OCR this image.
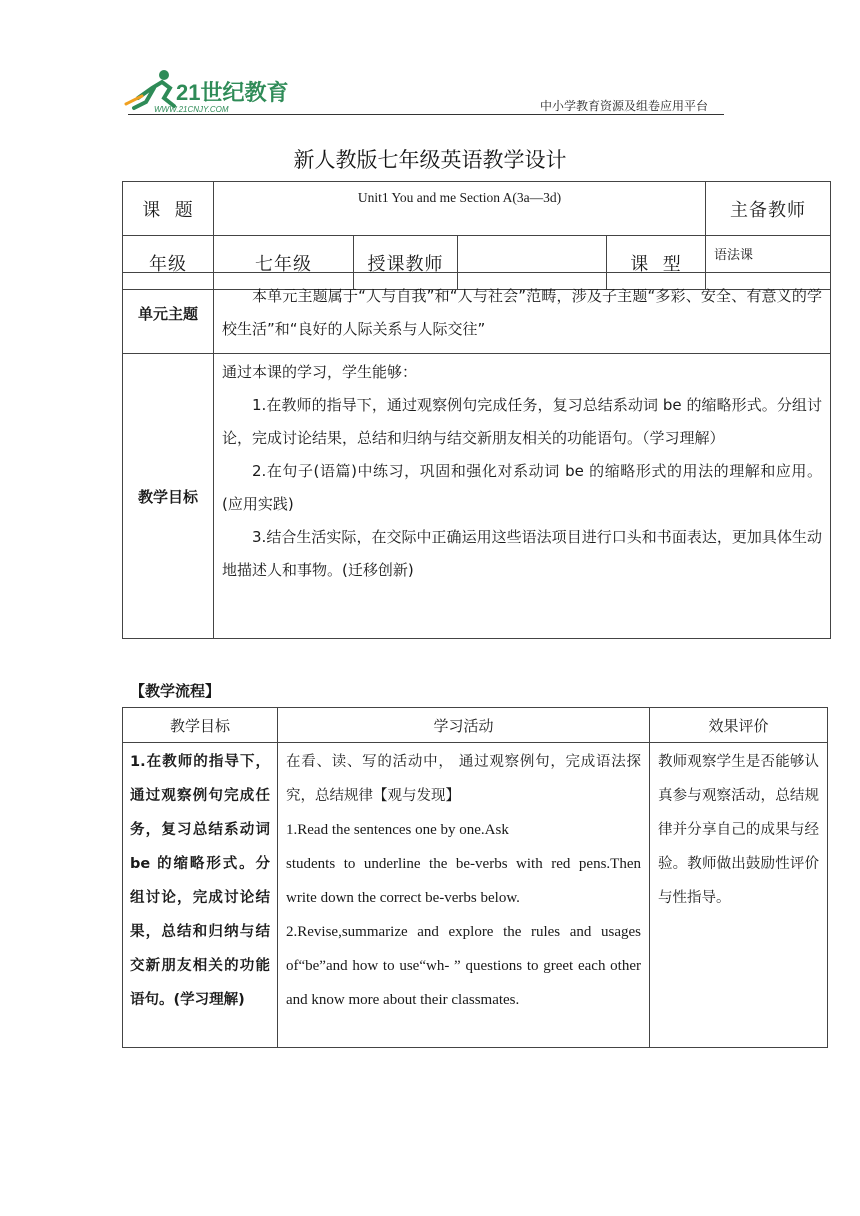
21世纪教育
WWW.21CNJY.COM	中小学教育资源及组卷应用平台
新人教版七年级英语教学设计
课  题	Unit1 You and me Section A(3a—3d)				主备教师
年级	七年级	授课教师		课  型	语法课
单元主题	本单元主题属于“人与自我”和“人与社会”范畴，涉及子主题“多彩、安全、有意义的学校生活”和“良好的人际关系与人际交往”

教学目标	通过本课的学习，学生能够：

1.在教师的指导下，通过观察例句完成任务，复习总结系动词 be 的缩略形式。分组讨论，完成讨论结果，总结和归纳与结交新朋友相关的功能语句。（学习理解）

2.在句子(语篇)中练习，巩固和强化对系动词 be 的缩略形式的用法的理解和应用。(应用实践)

3.结合生活实际，在交际中正确运用这些语法项目进行口头和书面表达，更加具体生动地描述人和事物。(迁移创新)

【教学流程】
教学目标	学习活动	效果评价
1.在教师的指导下，通过观察例句完成任务，复习总结系动词 be 的缩略形式。分组讨论，完成讨论结果，总结和归纳与结交新朋友相关的功能语句。(学习理解)	在看、读、写的活动中， 通过观察例句，完成语法探究，总结规律【观与发现】

1.Read the sentences one by one.Ask

students to underline the be-verbs with red pens.Then write down the correct be-verbs below.

2.Revise,summarize and explore the rules and usages of“be”and how to use“wh- ” questions to greet each other and know more about their classmates.	教师观察学生是否能够认真参与观察活动，总结规律并分享自己的成果与经验。教师做出鼓励性评价与性指导。
